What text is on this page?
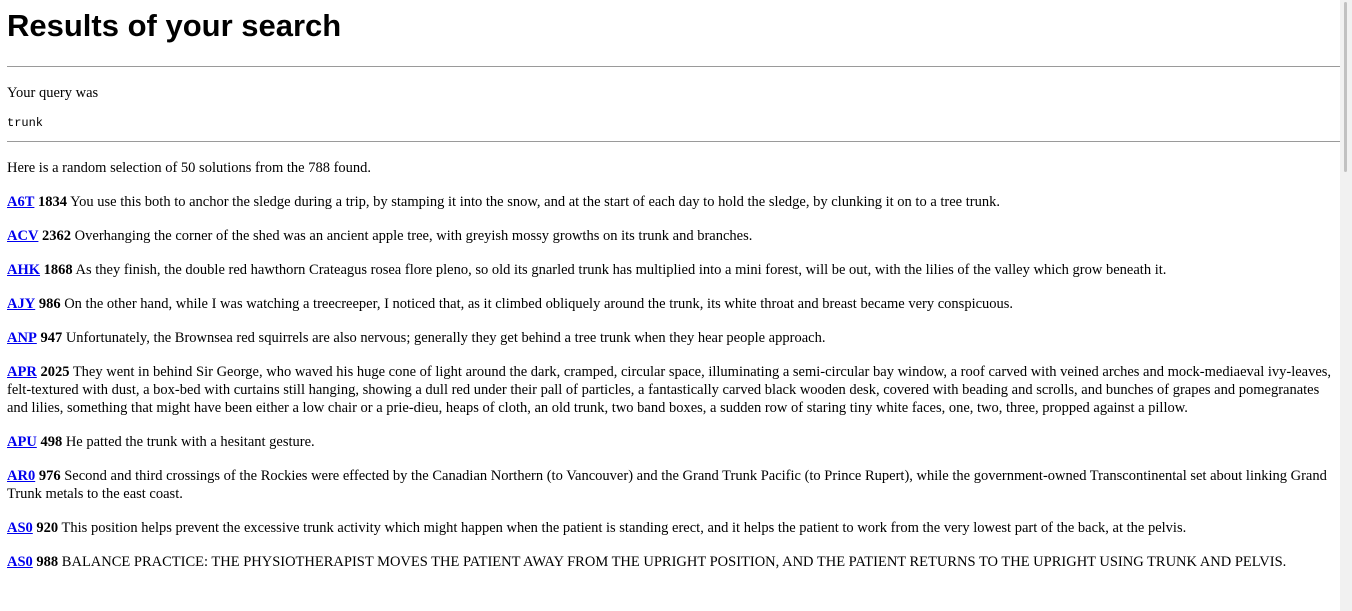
Results of your search

Your query was

trunk

Here is a random selection of 50 solutions from the 788 found.

A6T 1834 You use this both to anchor the sledge during a trip, by stamping it into the snow, and at the start of each day to hold the sledge, by clunking it on to a tree trunk.

ACV 2362 Overhanging the corner of the shed was an ancient apple tree, with greyish mossy growths on its trunk and branches.

AHK 1868 As they finish, the double red hawthorn Crateagus rosea flore pleno, so old its gnarled trunk has multiplied into a mini forest, will be out, with the lilies of the valley which grow beneath it.

AJY 986 On the other hand, while I was watching a treecreeper, I noticed that, as it climbed obliquely around the trunk, its white throat and breast became very conspicuous.

ANP 947 Unfortunately, the Brownsea red squirrels are also nervous; generally they get behind a tree trunk when they hear people approach.

APR 2025 They went in behind Sir George, who waved his huge cone of light around the dark, cramped, circular space, illuminating a semi-circular bay window, a roof carved with veined arches and mock-mediaeval ivy-leaves, felt-textured with dust, a box-bed with curtains still hanging, showing a dull red under their pall of particles, a fantastically carved black wooden desk, covered with beading and scrolls, and bunches of grapes and pomegranates and lilies, something that might have been either a low chair or a prie-dieu, heaps of cloth, an old trunk, two band boxes, a sudden row of staring tiny white faces, one, two, three, propped against a pillow.

APU 498 He patted the trunk with a hesitant gesture.

AR0 976 Second and third crossings of the Rockies were effected by the Canadian Northern (to Vancouver) and the Grand Trunk Pacific (to Prince Rupert), while the government-owned Transcontinental set about linking Grand Trunk metals to the east coast.

AS0 920 This position helps prevent the excessive trunk activity which might happen when the patient is standing erect, and it helps the patient to work from the very lowest part of the back, at the pelvis.

AS0 988 BALANCE PRACTICE: THE PHYSIOTHERAPIST MOVES THE PATIENT AWAY FROM THE UPRIGHT POSITION, AND THE PATIENT RETURNS TO THE UPRIGHT USING TRUNK AND PELVIS.
